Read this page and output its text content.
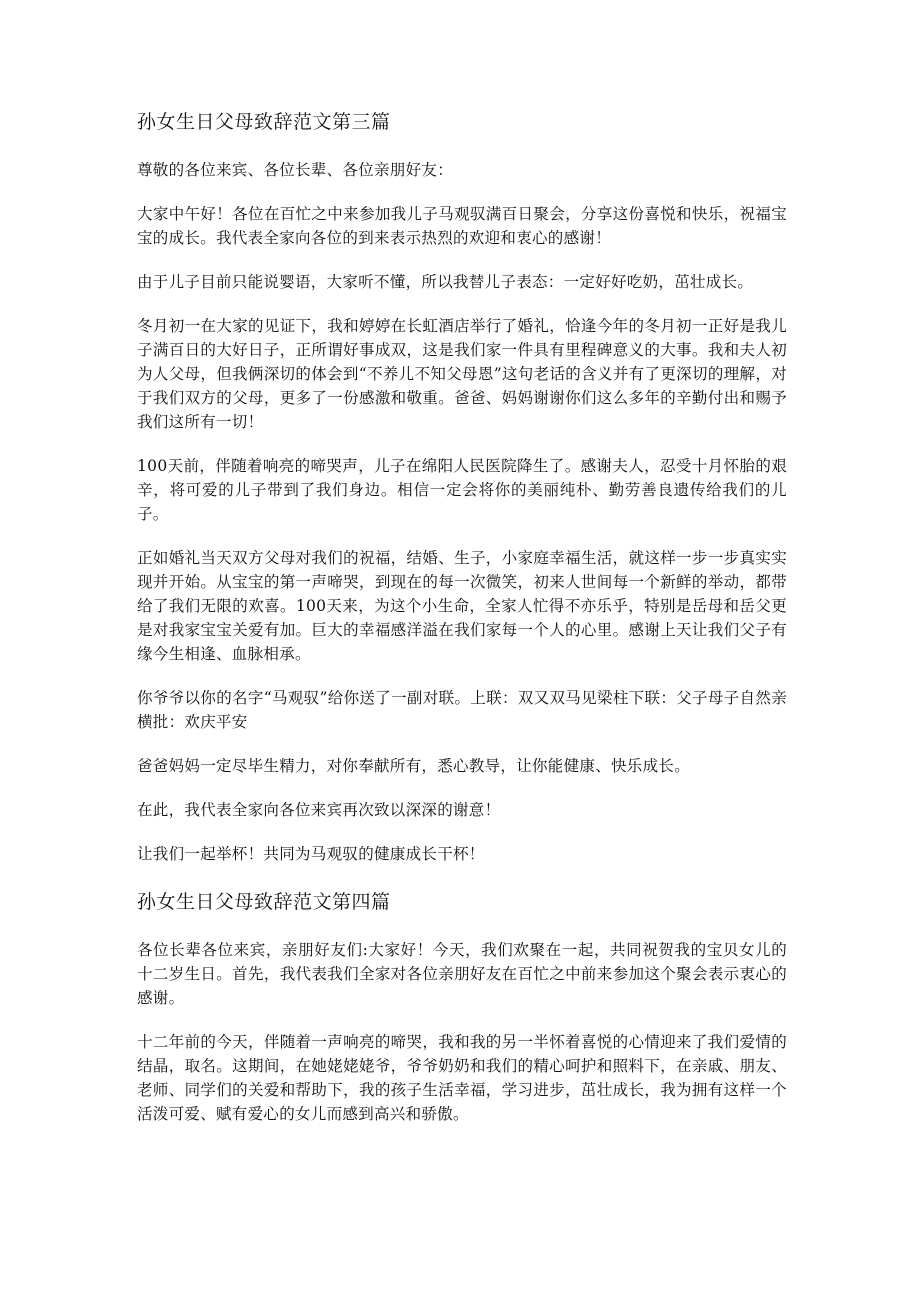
孙女生日父母致辞范文第三篇

尊敬的各位来宾、各位长辈、各位亲朋好友：

大家中午好！各位在百忙之中来参加我儿子马观驭满百日聚会，分享这份喜悦和快乐，祝福宝宝的成长。我代表全家向各位的到来表示热烈的欢迎和衷心的感谢！

由于儿子目前只能说婴语，大家听不懂，所以我替儿子表态：一定好好吃奶，茁壮成长。

冬月初一在大家的见证下，我和婷婷在长虹酒店举行了婚礼，恰逢今年的冬月初一正好是我儿子满百日的大好日子，正所谓好事成双，这是我们家一件具有里程碑意义的大事。我和夫人初为人父母，但我俩深切的体会到“不养儿不知父母恩”这句老话的含义并有了更深切的理解，对于我们双方的父母，更多了一份感激和敬重。爸爸、妈妈谢谢你们这么多年的辛勤付出和赐予我们这所有一切！

100天前，伴随着响亮的啼哭声，儿子在绵阳人民医院降生了。感谢夫人，忍受十月怀胎的艰辛，将可爱的儿子带到了我们身边。相信一定会将你的美丽纯朴、勤劳善良遗传给我们的儿子。

正如婚礼当天双方父母对我们的祝福，结婚、生子，小家庭幸福生活，就这样一步一步真实实现并开始。从宝宝的第一声啼哭，到现在的每一次微笑，初来人世间每一个新鲜的举动，都带给了我们无限的欢喜。100天来，为这个小生命，全家人忙得不亦乐乎，特别是岳母和岳父更是对我家宝宝关爱有加。巨大的幸福感洋溢在我们家每一个人的心里。感谢上天让我们父子有缘今生相逢、血脉相承。

你爷爷以你的名字“马观驭”给你送了一副对联。上联：双又双马见梁柱下联：父子母子自然亲横批：欢庆平安

爸爸妈妈一定尽毕生精力，对你奉献所有，悉心教导，让你能健康、快乐成长。

在此，我代表全家向各位来宾再次致以深深的谢意！

让我们一起举杯！共同为马观驭的健康成长干杯！

孙女生日父母致辞范文第四篇

各位长辈各位来宾，亲朋好友们:大家好！今天，我们欢聚在一起，共同祝贺我的宝贝女儿的十二岁生日。首先，我代表我们全家对各位亲朋好友在百忙之中前来参加这个聚会表示衷心的感谢。

十二年前的今天，伴随着一声响亮的啼哭，我和我的另一半怀着喜悦的心情迎来了我们爱情的结晶，取名。这期间，在她姥姥姥爷，爷爷奶奶和我们的精心呵护和照料下，在亲戚、朋友、老师、同学们的关爱和帮助下，我的孩子生活幸福，学习进步，茁壮成长，我为拥有这样一个活泼可爱、赋有爱心的女儿而感到高兴和骄傲。
